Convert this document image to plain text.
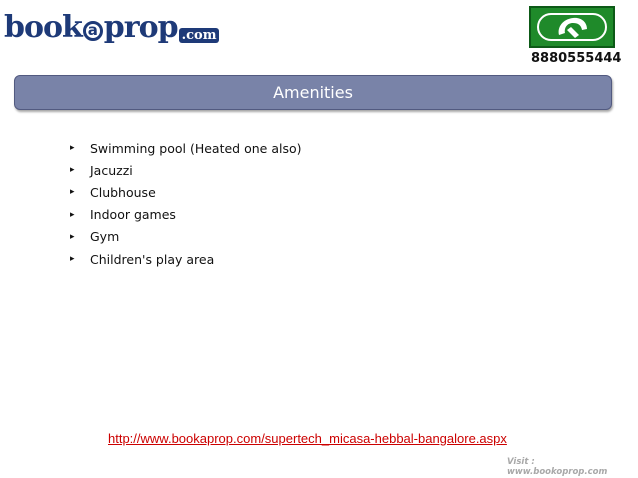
book a prop .com
8880555444
Amenities
▸	Swimming pool (Heated one also)
▸	Jacuzzi
▸	Clubhouse
▸	Indoor games
▸	Gym
▸	Children's play area
http://www.bookaprop.com/supertech_micasa-hebbal-bangalore.aspx
Visit : www.bookoprop.com
